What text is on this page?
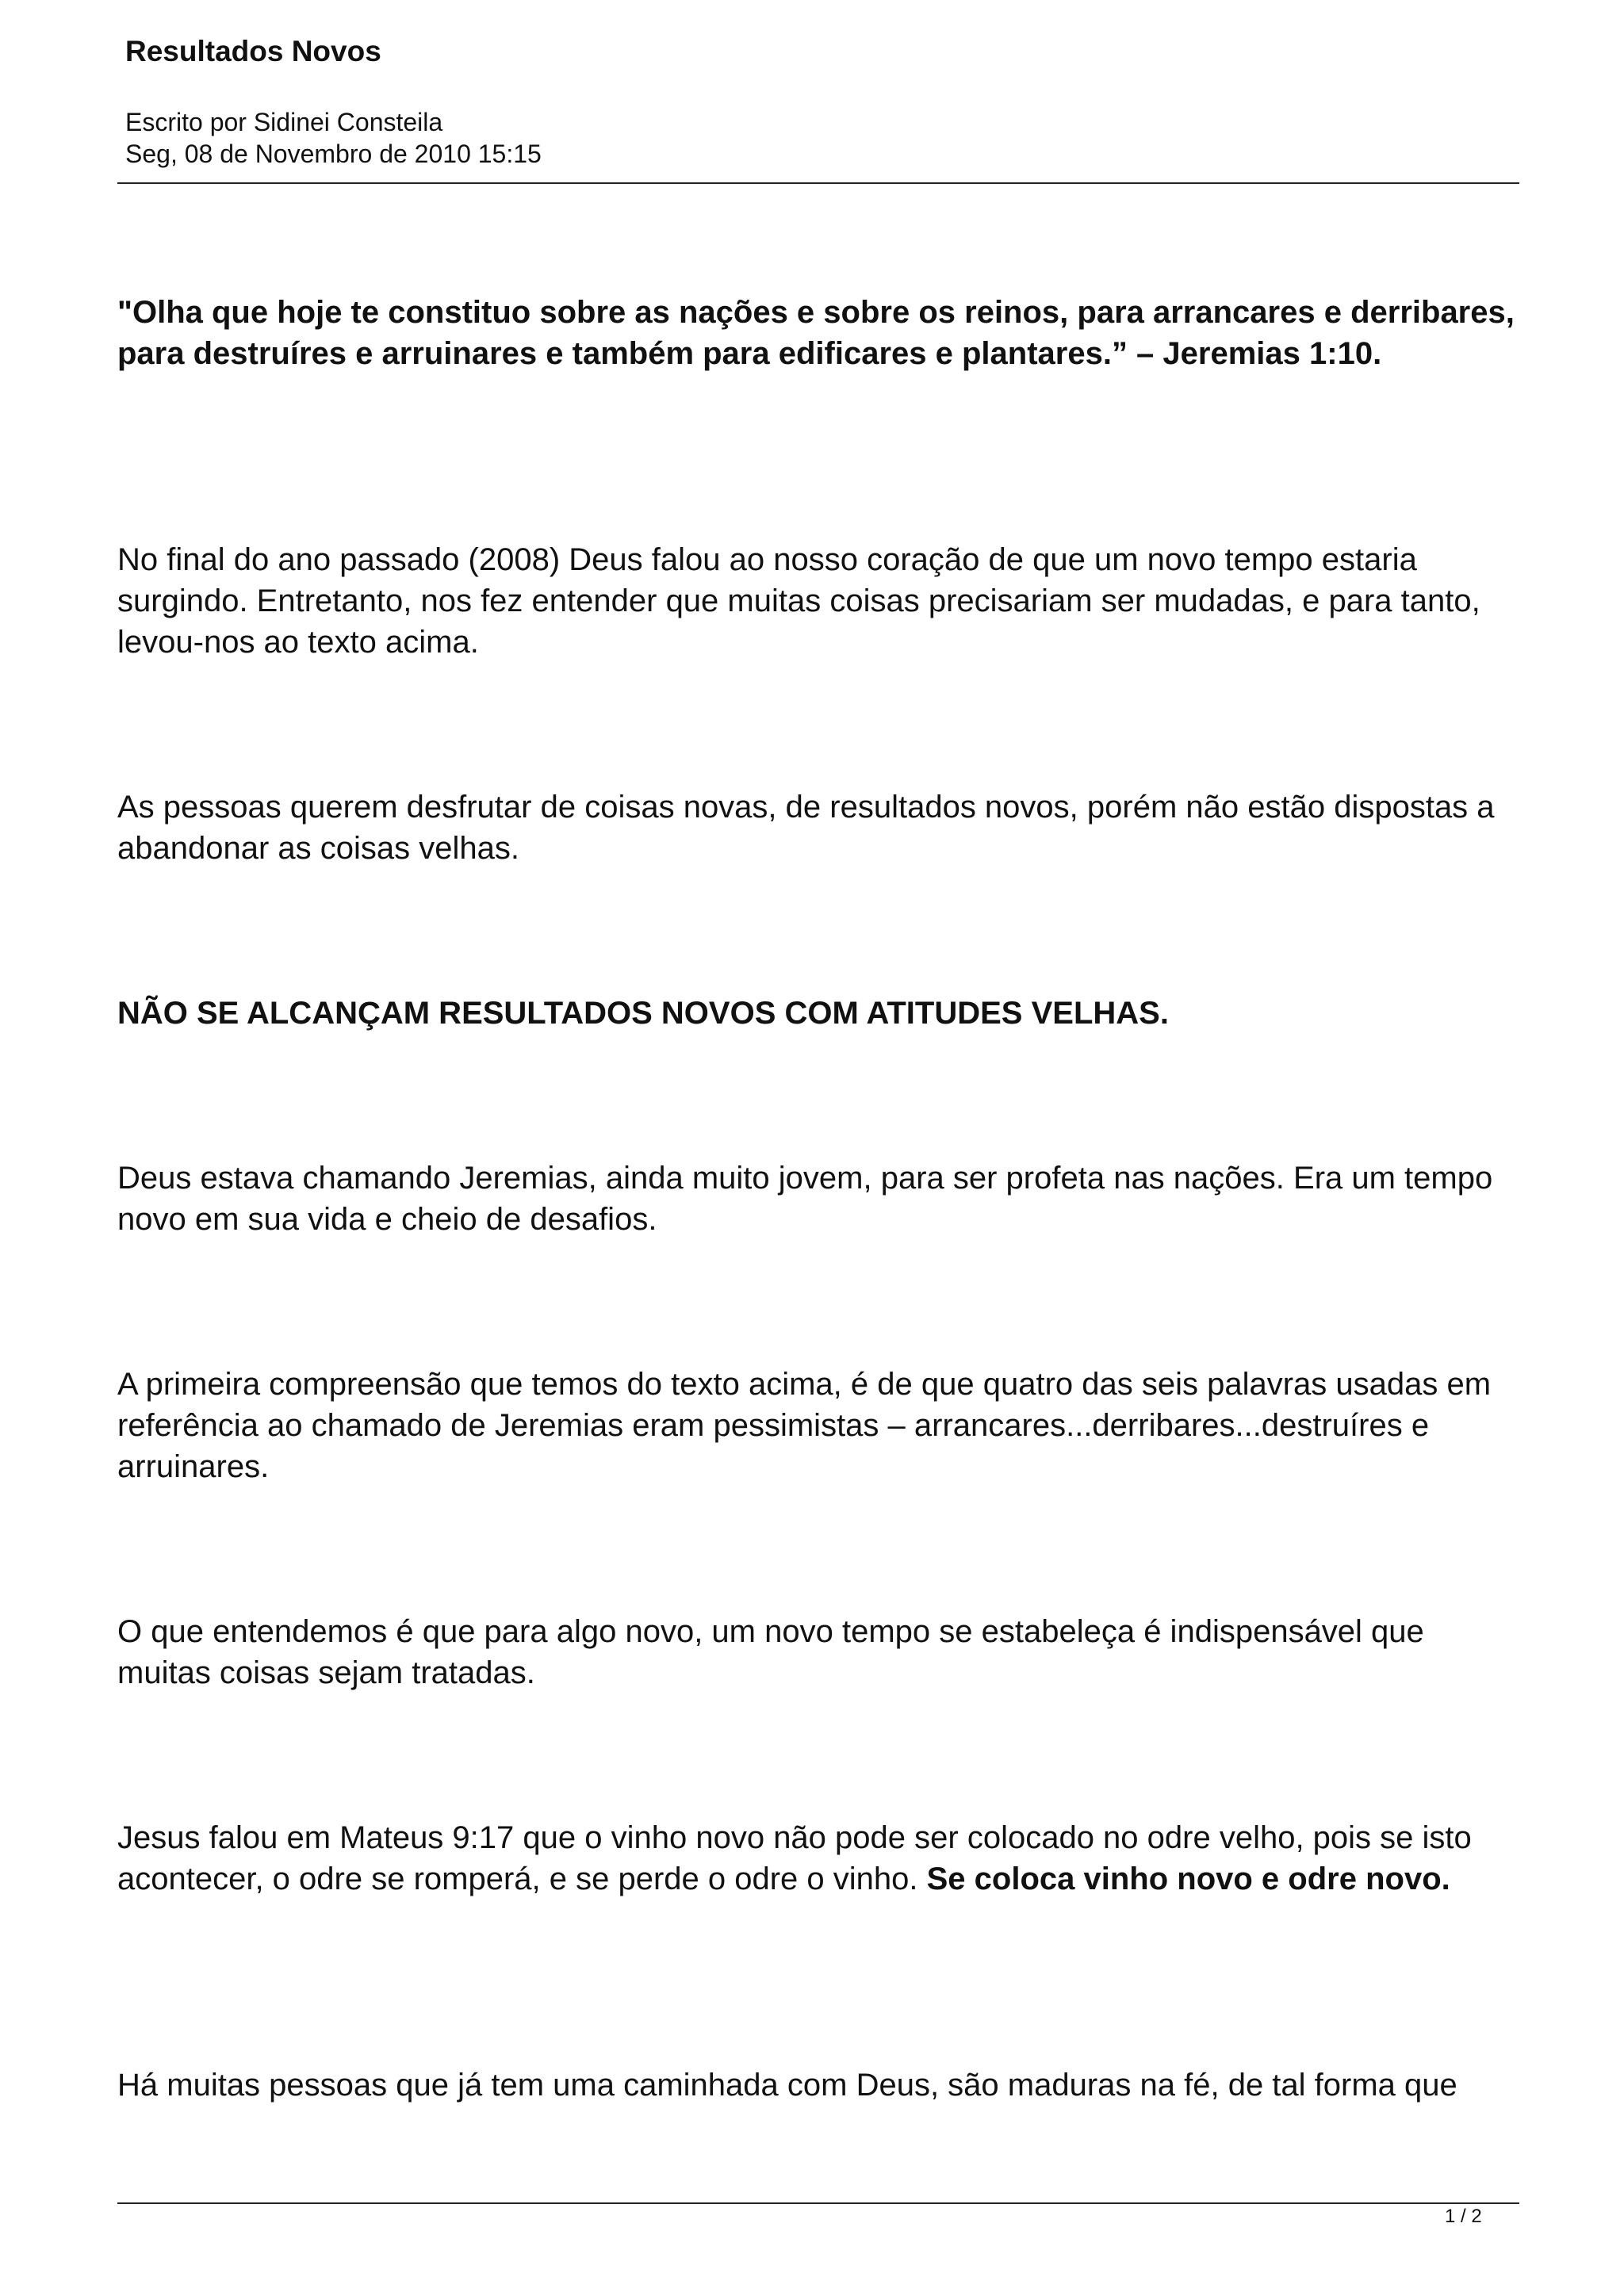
Resultados Novos
Escrito por Sidinei Consteila
Seg, 08 de Novembro de 2010 15:15

"Olha que hoje te constituo sobre as nações e sobre os reinos, para arrancares e derribares, para destruíres e arruinares e também para edificares e plantares.” – Jeremias 1:10.

No final do ano passado (2008) Deus falou ao nosso coração de que um novo tempo estaria surgindo. Entretanto, nos fez entender que muitas coisas precisariam ser mudadas, e para tanto, levou-nos ao texto acima.

As pessoas querem desfrutar de coisas novas, de resultados novos, porém não estão dispostas a abandonar as coisas velhas.

NÃO SE ALCANÇAM RESULTADOS NOVOS COM ATITUDES VELHAS.

Deus estava chamando Jeremias, ainda muito jovem, para ser profeta nas nações. Era um tempo novo em sua vida e cheio de desafios.

A primeira compreensão que temos do texto acima, é de que quatro das seis palavras usadas em referência ao chamado de Jeremias eram pessimistas – arrancares...derribares...destruíres e arruinares.

O que entendemos é que para algo novo, um novo tempo se estabeleça é indispensável que muitas coisas sejam tratadas.

Jesus falou em Mateus 9:17 que o vinho novo não pode ser colocado no odre velho, pois se isto acontecer, o odre se romperá, e se perde o odre o vinho. Se coloca vinho novo e odre novo.

Há muitas pessoas que já tem uma caminhada com Deus, são maduras na fé, de tal forma que

1 / 2
